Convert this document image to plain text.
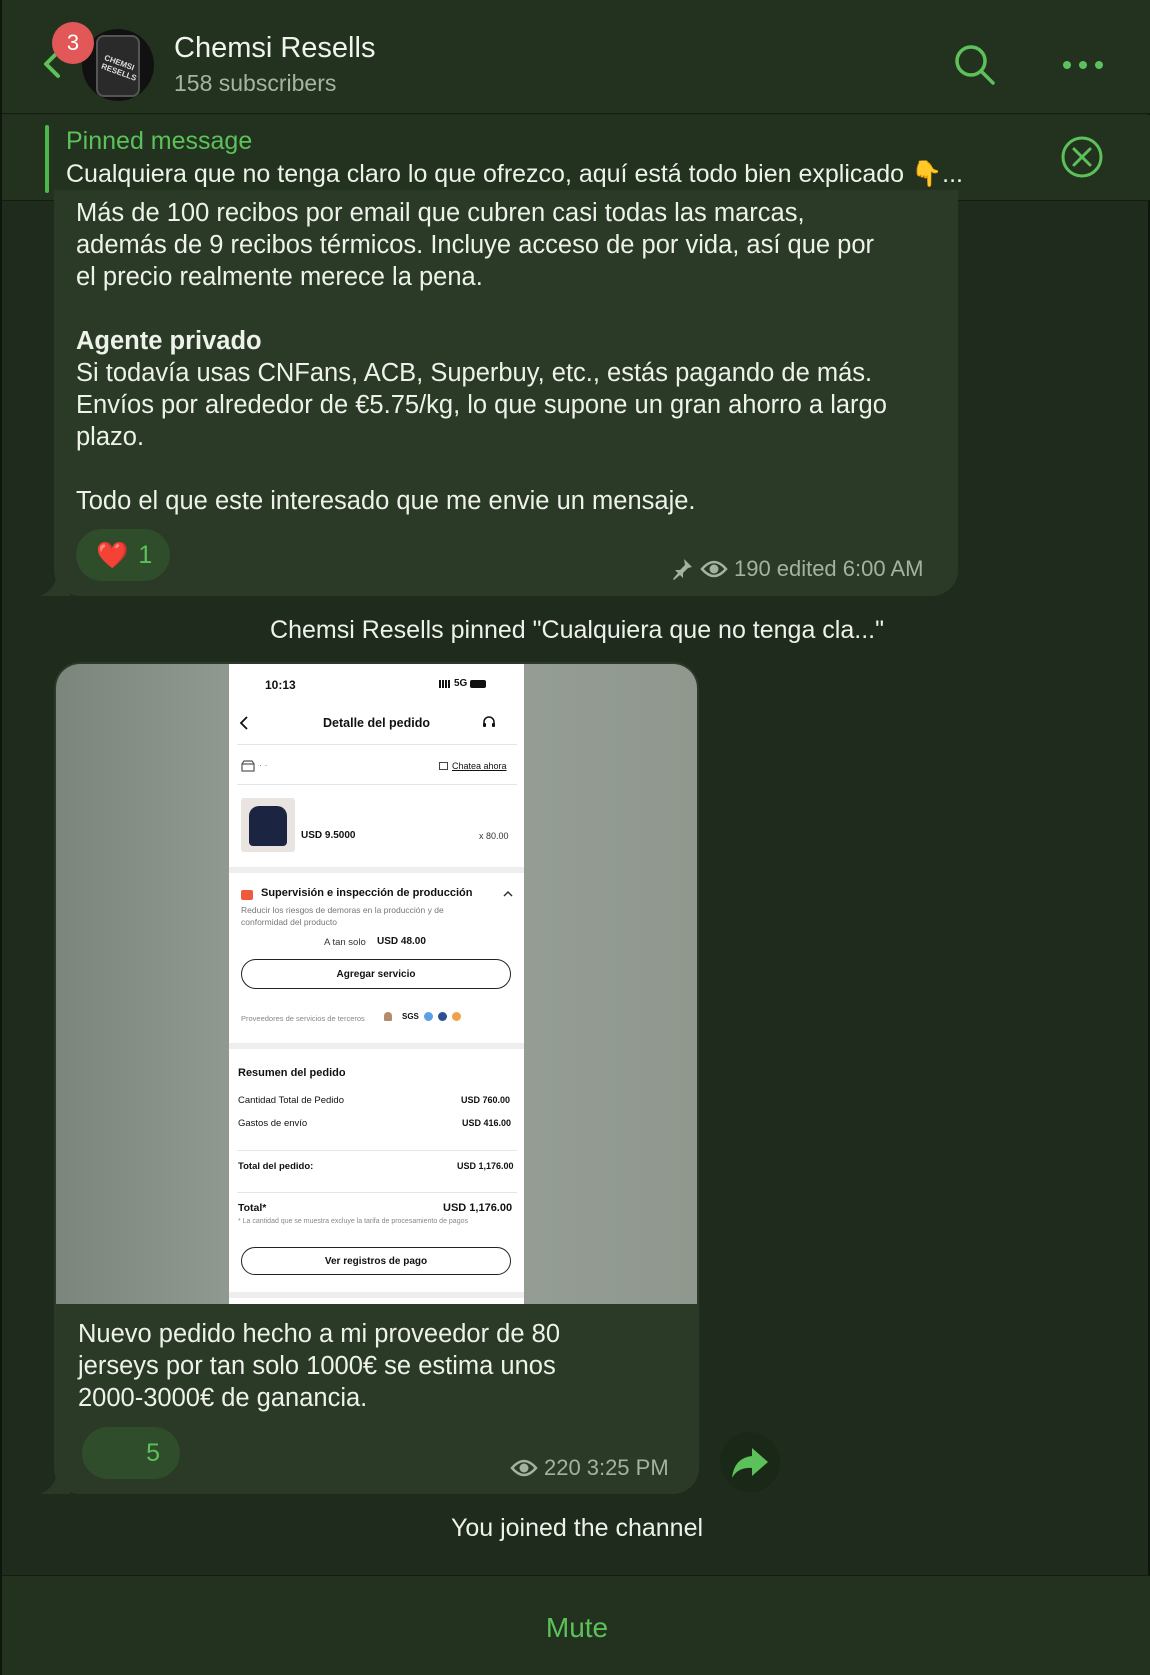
3
CHEMSI RESELLS
Chemsi Resells
158 subscribers
Pinned message
Cualquiera que no tenga claro lo que ofrezco, aquí está todo bien explicado 👇...
Más de 100 recibos por email que cubren casi todas las marcas,
además de 9 recibos térmicos. Incluye acceso de por vida, así que por
el precio realmente merece la pena.
Agente privado
Si todavía usas CNFans, ACB, Superbuy, etc., estás pagando de más.
Envíos por alrededor de €5.75/kg, lo que supone un gran ahorro a largo
plazo.
Todo el que este interesado que me envie un mensaje.
❤️ 1	190 edited 6:00 AM
Chemsi Resells pinned "Cualquiera que no tenga cla..."
10:13	5G
Detalle del pedido
· ·	Chatea ahora
USD 9.5000	x 80.00
Supervisión e inspección de producción
Reducir los riesgos de demoras en la producción y de
conformidad del producto
A tan solo USD 48.00
Agregar servicio
Proveedores de servicios de terceros	SGS
Resumen del pedido
Cantidad Total de Pedido	USD 760.00
Gastos de envío	USD 416.00
Total del pedido:	USD 1,176.00
Total*	USD 1,176.00
* La cantidad que se muestra excluye la tarifa de procesamiento de pagos
Ver registros de pago
Nuevo pedido hecho a mi proveedor de 80
jerseys por tan solo 1000€ se estima unos
2000-3000€ de ganancia.
5
220 3:25 PM
You joined the channel
Mute
